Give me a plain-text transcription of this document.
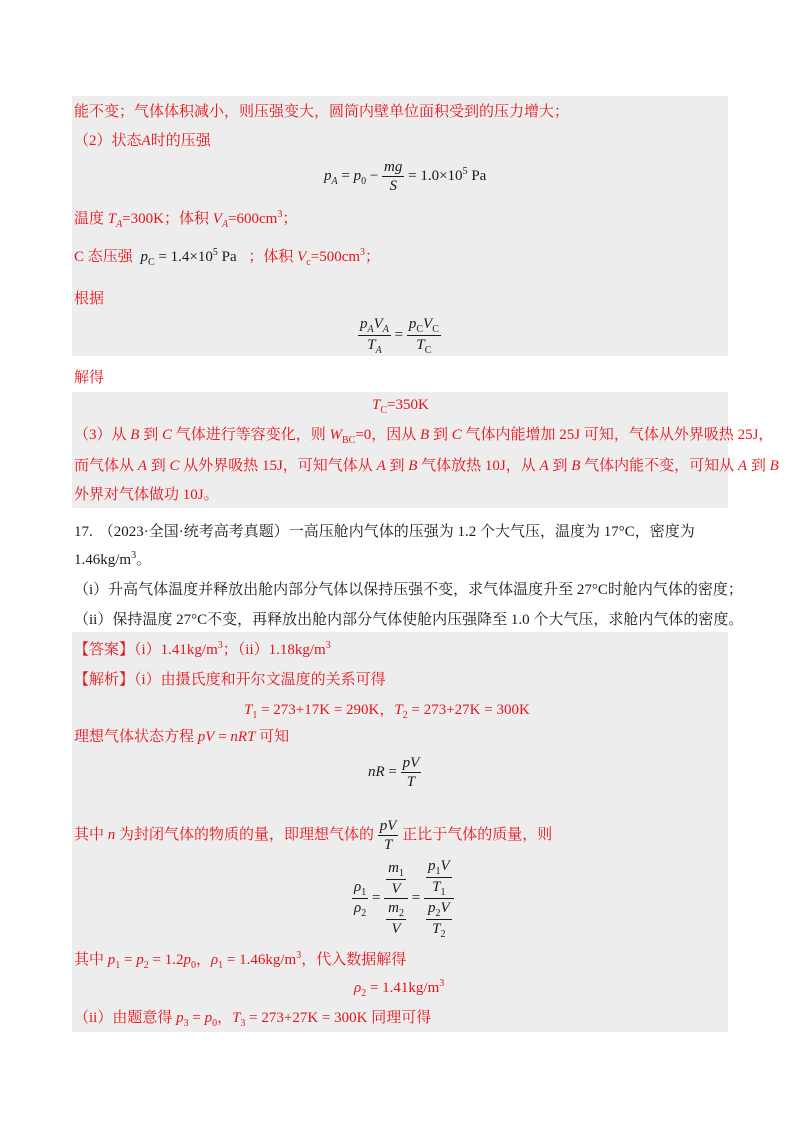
能不变；气体体积减小，则压强变大，圆筒内壁单位面积受到的压力增大；
（2）状态A时的压强
$p_A = p_0 - \frac{mg}{S} = 1.0\times 10^5$ Pa
温度 $T_A=300K$；体积 $V_A=600cm^3$；
C 态压强 $p_C = 1.4\times 10^5$ Pa ；体积 $V_c=500cm^3$；
根据
$\frac{p_AV_A}{T_A} = \frac{p_CV_C}{T_C}$
解得
$T_C=350K$
（3）从 B 到 C 气体进行等容变化，则 $W_{BC}=0$，因从 B 到 C 气体内能增加 25J 可知，气体从外界吸热 25J，
而气体从 A 到 C 从外界吸热 15J，可知气体从 A 到 B 气体放热 10J，从 A 到 B 气体内能不变，可知从 A 到 B
外界对气体做功 10J。
17. （2023·全国·统考高考真题）一高压舱内气体的压强为 1.2 个大气压，温度为 17°C，密度为
$1.46kg/m^3$。
（i）升高气体温度并释放出舱内部分气体以保持压强不变，求气体温度升至 27°C时舱内气体的密度；
（ii）保持温度 27°C不变，再释放出舱内部分气体使舱内压强降至 1.0 个大气压，求舱内气体的密度。
【答案】$(i)1.41kg/m^3$；$(ii)1.18kg/m^3$
【解析】（i）由摄氏度和开尔文温度的关系可得
$T_1 = 273+17K = 290K$，$T_2 = 273+27K = 300K$
理想气体状态方程 pV = nRT 可知
nR = $\frac{pV}{T}$
其中 n 为封闭气体的物质的量，即理想气体的 $\frac{pV}{T}$ 正比于气体的质量，则
$\frac{\rho_1}{\rho_2} = \frac{\frac{m_1}{V}}{\frac{m_2}{V}} = \frac{\frac{p_1V}{T_1}}{\frac{p_2V}{T_2}}$
其中 $p_1 = p_2 = 1.2p_0$，$\rho_1 = 1.46kg/m^3$，代入数据解得
$\rho_2 = 1.41kg/m^3$
（ii）由题意得 $p_3 = p_0$，$T_3 = 273+27K = 300K$ 同理可得
